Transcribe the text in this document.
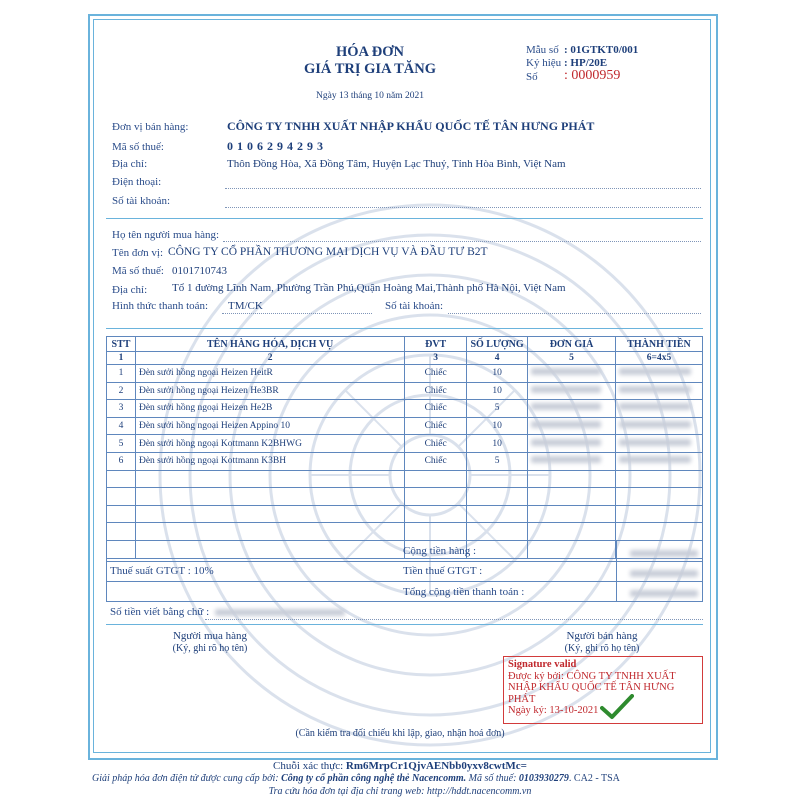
HÓA ĐƠN
GIÁ TRỊ GIA TĂNG
Ngày 13 tháng 10 năm 2021
Mẫu số : 01GTKT0/001
Ký hiệu : HP/20E
Số : 0000959
Đơn vị bán hàng:	CÔNG TY TNHH XUẤT NHẬP KHẨU QUỐC TẾ TÂN HƯNG PHÁT
Mã số thuế:	0 1 0 6 2 9 4 2 9 3
Địa chỉ:	Thôn Đồng Hòa, Xã Đồng Tâm, Huyện Lạc Thuỷ, Tỉnh Hòa Bình, Việt Nam
Điện thoại:
Số tài khoản:
Họ tên người mua hàng:
Tên đơn vị: CÔNG TY CỔ PHẦN THƯƠNG MẠI DỊCH VỤ VÀ ĐẦU TƯ B2T
Mã số thuế: 0101710743
Địa chỉ: Tổ 1 đường Lĩnh Nam, Phường Trần Phú,Quận Hoàng Mai,Thành phố Hà Nội, Việt Nam
Hình thức thanh toán: TM/CK	Số tài khoản:
STT	TÊN HÀNG HÓA, DỊCH VỤ	ĐVT	SỐ LƯỢNG	ĐƠN GIÁ	THÀNH TIỀN
1	2	3	4	5	6=4x5
1	Đèn sưởi hồng ngoại Heizen HeitR	Chiếc	10		
2	Đèn sưởi hồng ngoại Heizen He3BR	Chiếc	10		
3	Đèn sưởi hồng ngoại Heizen He2B	Chiếc	5		
4	Đèn sưởi hồng ngoại Heizen Appino 10	Chiếc	10		
5	Đèn sưởi hồng ngoại Kottmann K2BHWG	Chiếc	10		
6	Đèn sưởi hồng ngoại Kottmann K3BH	Chiếc	5		

Cộng tiền hàng :
Thuế suất GTGT : 10%	Tiền thuế GTGT :
Tổng cộng tiền thanh toán :
Số tiền viết bằng chữ :
Người mua hàng
(Ký, ghi rõ họ tên)
Người bán hàng
(Ký, ghi rõ họ tên)
Signature valid
Được ký bởi: CÔNG TY TNHH XUẤT NHẬP KHẨU QUỐC TẾ TÂN HƯNG PHÁT
Ngày ký: 13-10-2021
(Cần kiểm tra đối chiếu khi lập, giao, nhận hoá đơn)
Chuỗi xác thực: Rm6MrpCr1QjvAENbb0yxv8cwtMc=
Giải pháp hóa đơn điện tử được cung cấp bởi: Công ty cổ phần công nghệ thẻ Nacencomm. Mã số thuế: 0103930279. CA2 - TSA
Tra cứu hóa đơn tại địa chỉ trang web: http://hddt.nacencomm.vn
